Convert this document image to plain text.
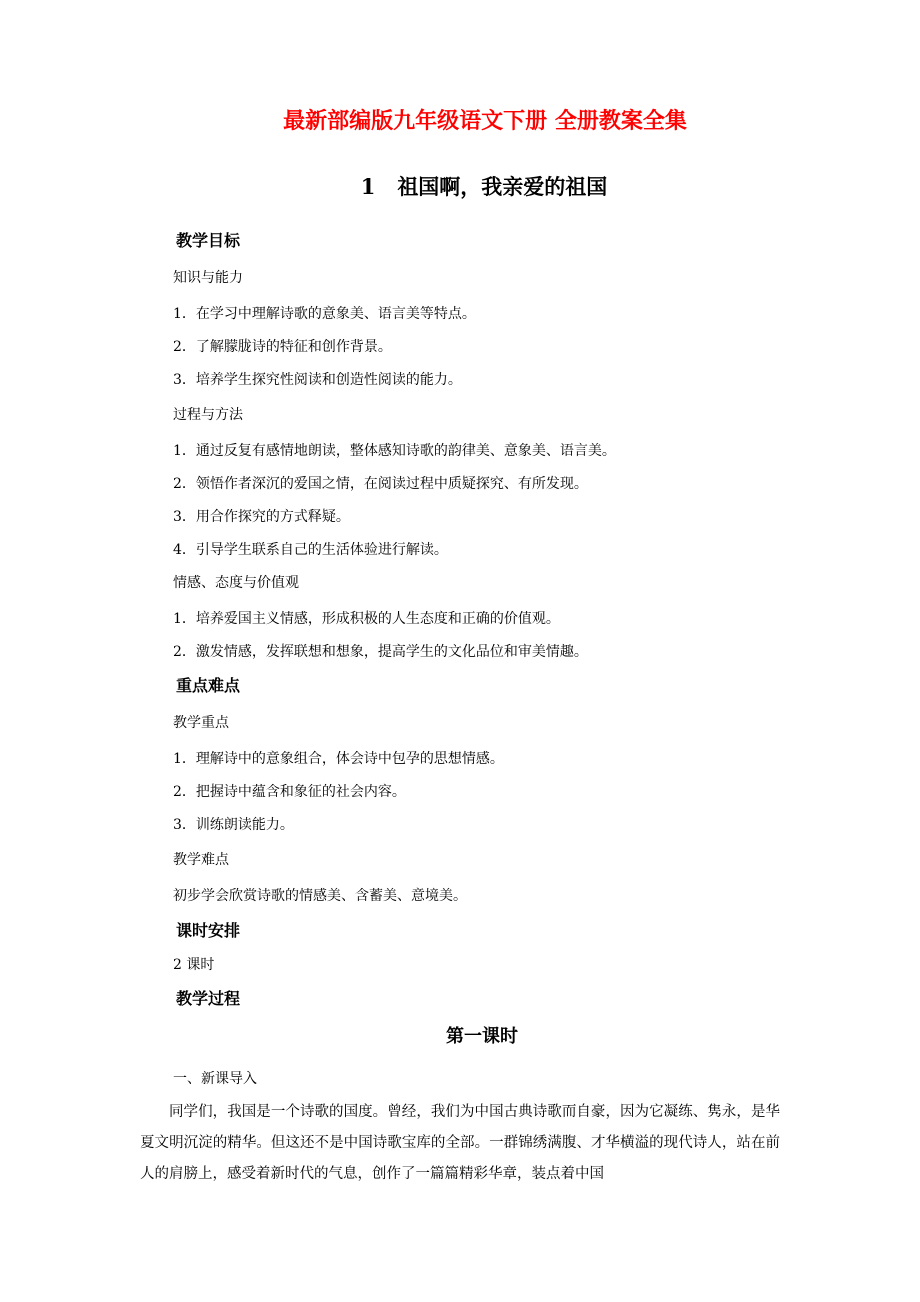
最新部编版九年级语文下册 全册教案全集
1 祖国啊，我亲爱的祖国
教学目标
知识与能力
1．在学习中理解诗歌的意象美、语言美等特点。
2．了解朦胧诗的特征和创作背景。
3．培养学生探究性阅读和创造性阅读的能力。
过程与方法
1．通过反复有感情地朗读，整体感知诗歌的韵律美、意象美、语言美。
2．领悟作者深沉的爱国之情，在阅读过程中质疑探究、有所发现。
3．用合作探究的方式释疑。
4．引导学生联系自己的生活体验进行解读。
情感、态度与价值观
1．培养爱国主义情感，形成积极的人生态度和正确的价值观。
2．激发情感，发挥联想和想象，提高学生的文化品位和审美情趣。
重点难点
教学重点
1．理解诗中的意象组合，体会诗中包孕的思想情感。
2．把握诗中蕴含和象征的社会内容。
3．训练朗读能力。
教学难点
初步学会欣赏诗歌的情感美、含蓄美、意境美。
课时安排
2 课时
教学过程
第一课时
一、新课导入
同学们，我国是一个诗歌的国度。曾经，我们为中国古典诗歌而自豪，因为它凝练、隽永，是华夏文明沉淀的精华。但这还不是中国诗歌宝库的全部。一群锦绣满腹、才华横溢的现代诗人，站在前人的肩膀上，感受着新时代的气息，创作了一篇篇精彩华章，装点着中国
